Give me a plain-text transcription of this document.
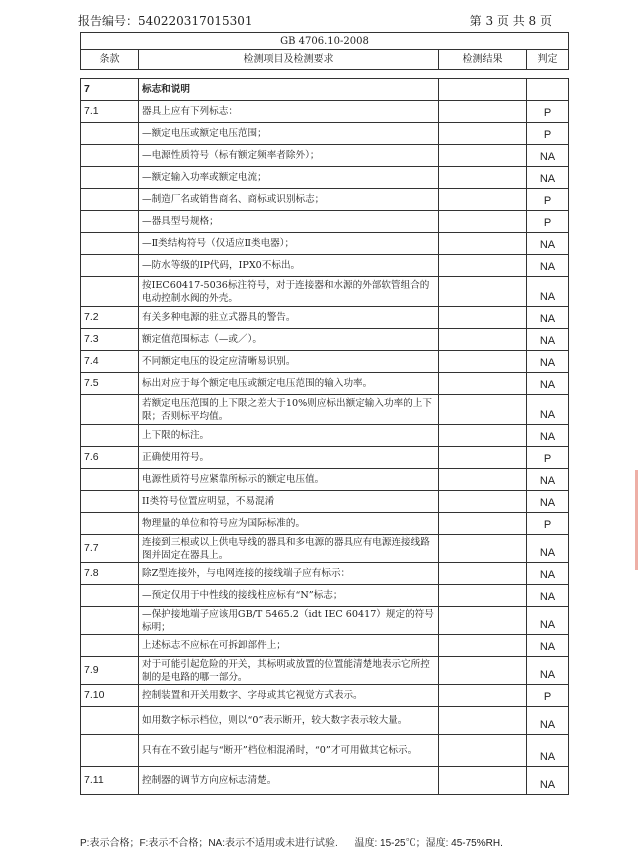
报告编号：540220317015301	第 3 页 共 8 页
GB 4706.10-2008			
条款	检测项目及检测要求	检测结果	判定

7	标志和说明		
7.1	器具上应有下列标志：		P
	—额定电压或额定电压范围；		P
	—电源性质符号（标有额定频率者除外）；		NA
	—额定输入功率或额定电流；		NA
	—制造厂名或销售商名、商标或识别标志；		P
	—器具型号规格；		P
	—Ⅱ类结构符号（仅适应Ⅱ类电器）；		NA
	—防水等级的IP代码，IPX0不标出。		NA
	按IEC60417-5036标注符号，对于连接器和水源的外部软管组合的电动控制水阀的外壳。		NA
7.2	有关多种电源的驻立式器具的警告。		NA
7.3	额定值范围标志（—或／）。		NA
7.4	不同额定电压的设定应清晰易识别。		NA
7.5	标出对应于每个额定电压或额定电压范围的输入功率。		NA
	若额定电压范围的上下限之差大于10%则应标出额定输入功率的上下限；否则标平均值。		NA
	上下限的标注。		NA
7.6	正确使用符号。		P
	电源性质符号应紧靠所标示的额定电压值。		NA
	II类符号位置应明显，不易混淆		NA
	物理量的单位和符号应为国际标准的。		P
7.7	连接到三根或以上供电导线的器具和多电源的器具应有电源连接线路图并固定在器具上。		NA
7.8	除Z型连接外，与电网连接的接线端子应有标示：		NA
	—预定仅用于中性线的接线柱应标有“N”标志；		NA
	—保护接地端子应该用GB/T 5465.2（idt IEC 60417）规定的符号标明；		NA
	上述标志不应标在可拆卸部件上；		NA
7.9	对于可能引起危险的开关，其标明或放置的位置能清楚地表示它所控制的是电路的哪一部分。		NA
7.10	控制装置和开关用数字、字母或其它视觉方式表示。		P
	如用数字标示档位，则以“0”表示断开，较大数字表示较大量。		NA
	只有在不致引起与“断开”档位相混淆时，“0”才可用做其它标示。		NA
7.11	控制器的调节方向应标志清楚。		NA
P:表示合格；F:表示不合格；NA:表示不适用或未进行试验. 温度: 15-25℃；湿度: 45-75%RH.
